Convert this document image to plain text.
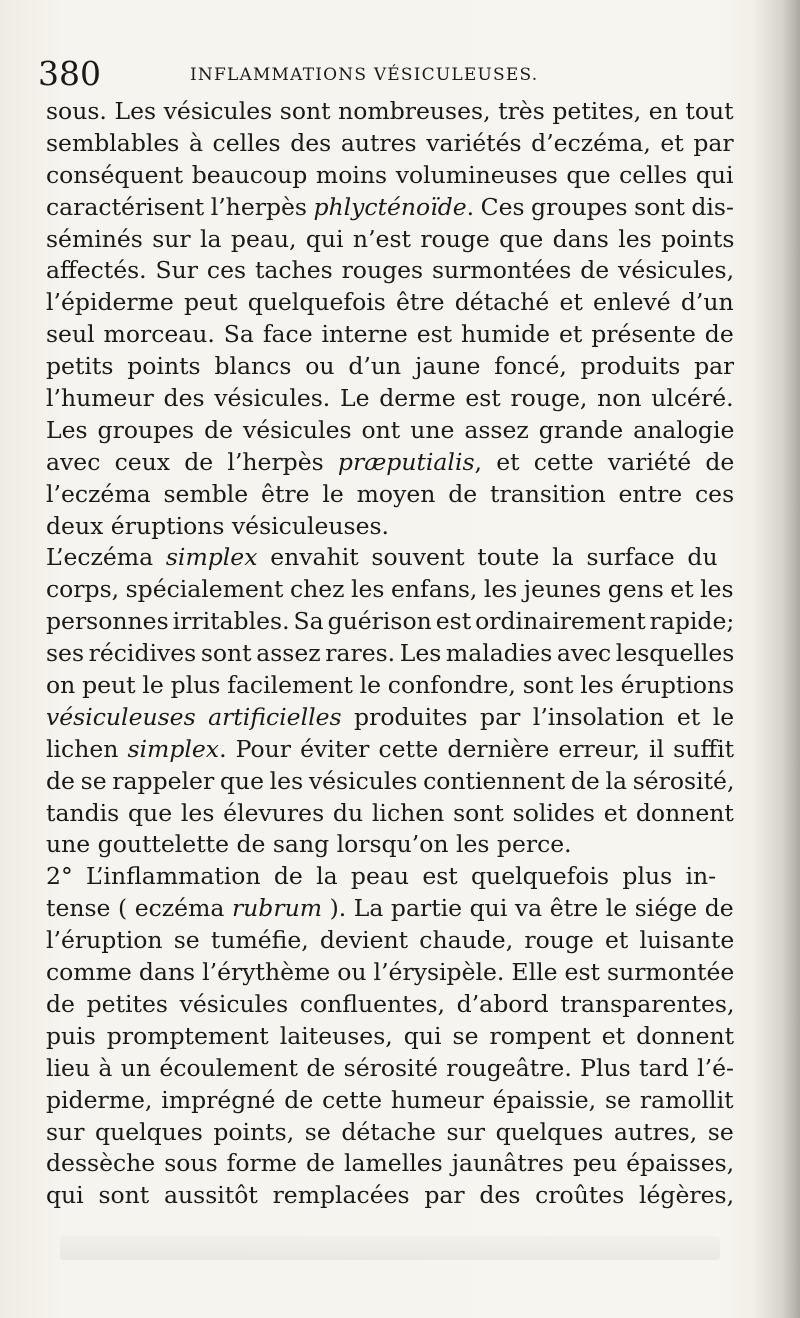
380	INFLAMMATIONS VÉSICULEUSES.
sous. Les vésicules sont nombreuses, très petites, en tout
semblables à celles des autres variétés d’eczéma, et par
conséquent beaucoup moins volumineuses que celles qui
caractérisent l’herpès phlycténoïde. Ces groupes sont dis-
séminés sur la peau, qui n’est rouge que dans les points
affectés. Sur ces taches rouges surmontées de vésicules,
l’épiderme peut quelquefois être détaché et enlevé d’un
seul morceau. Sa face interne est humide et présente de
petits points blancs ou d’un jaune foncé, produits par
l’humeur des vésicules. Le derme est rouge, non ulcéré.
Les groupes de vésicules ont une assez grande analogie
avec ceux de l’herpès præputialis, et cette variété de
l’eczéma semble être le moyen de transition entre ces
deux éruptions vésiculeuses.
L’eczéma simplex envahit souvent toute la surface du
corps, spécialement chez les enfans, les jeunes gens et les
personnes irritables. Sa guérison est ordinairement rapide;
ses récidives sont assez rares. Les maladies avec lesquelles
on peut le plus facilement le confondre, sont les éruptions
vésiculeuses artificielles produites par l’insolation et le
lichen simplex. Pour éviter cette dernière erreur, il suffit
de se rappeler que les vésicules contiennent de la sérosité,
tandis que les élevures du lichen sont solides et donnent
une gouttelette de sang lorsqu’on les perce.
2° L’inflammation de la peau est quelquefois plus in-
tense ( eczéma rubrum ). La partie qui va être le siége de
l’éruption se tuméfie, devient chaude, rouge et luisante
comme dans l’érythème ou l’érysipèle. Elle est surmontée
de petites vésicules confluentes, d’abord transparentes,
puis promptement laiteuses, qui se rompent et donnent
lieu à un écoulement de sérosité rougeâtre. Plus tard l’é-
piderme, imprégné de cette humeur épaissie, se ramollit
sur quelques points, se détache sur quelques autres, se
dessèche sous forme de lamelles jaunâtres peu épaisses,
qui sont aussitôt remplacées par des croûtes légères,
